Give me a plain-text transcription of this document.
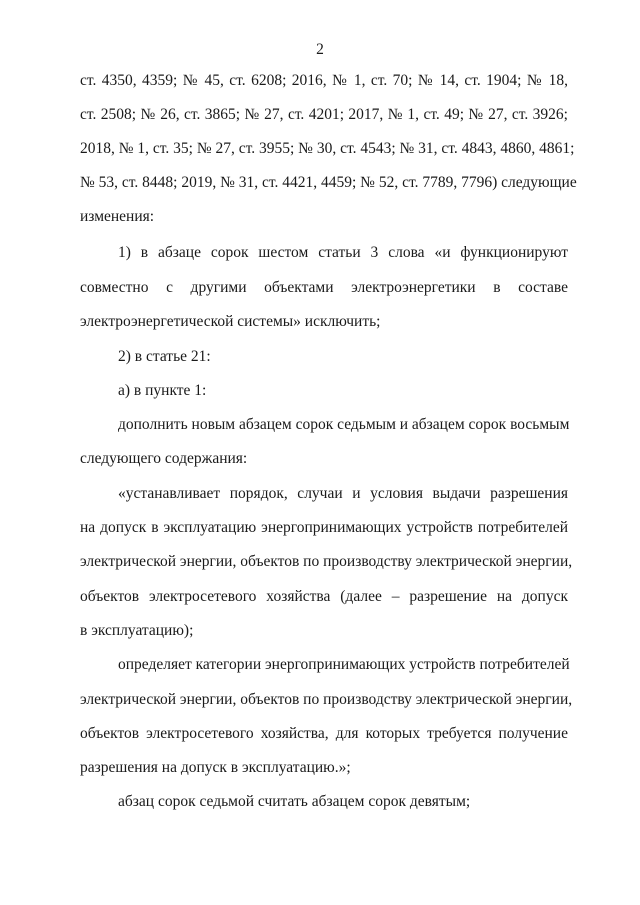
2
ст. 4350, 4359; № 45, ст. 6208; 2016, № 1, ст. 70; № 14, ст. 1904; № 18,
ст. 2508; № 26, ст. 3865; № 27, ст. 4201; 2017, № 1, ст. 49; № 27, ст. 3926;
2018, № 1, ст. 35; № 27, ст. 3955; № 30, ст. 4543; № 31, ст. 4843, 4860, 4861;
№ 53, ст. 8448; 2019, № 31, ст. 4421, 4459; № 52, ст. 7789, 7796) следующие
изменения:
1) в абзаце сорок шестом статьи 3 слова «и функционируют
совместно с другими объектами электроэнергетики в составе
электроэнергетической системы» исключить;
2) в статье 21:
а) в пункте 1:
дополнить новым абзацем сорок седьмым и абзацем сорок восьмым
следующего содержания:
«устанавливает порядок, случаи и условия выдачи разрешения
на допуск в эксплуатацию энергопринимающих устройств потребителей
электрической энергии, объектов по производству электрической энергии,
объектов электросетевого хозяйства (далее – разрешение на допуск
в эксплуатацию);
определяет категории энергопринимающих устройств потребителей
электрической энергии, объектов по производству электрической энергии,
объектов электросетевого хозяйства, для которых требуется получение
разрешения на допуск в эксплуатацию.»;
абзац сорок седьмой считать абзацем сорок девятым;
